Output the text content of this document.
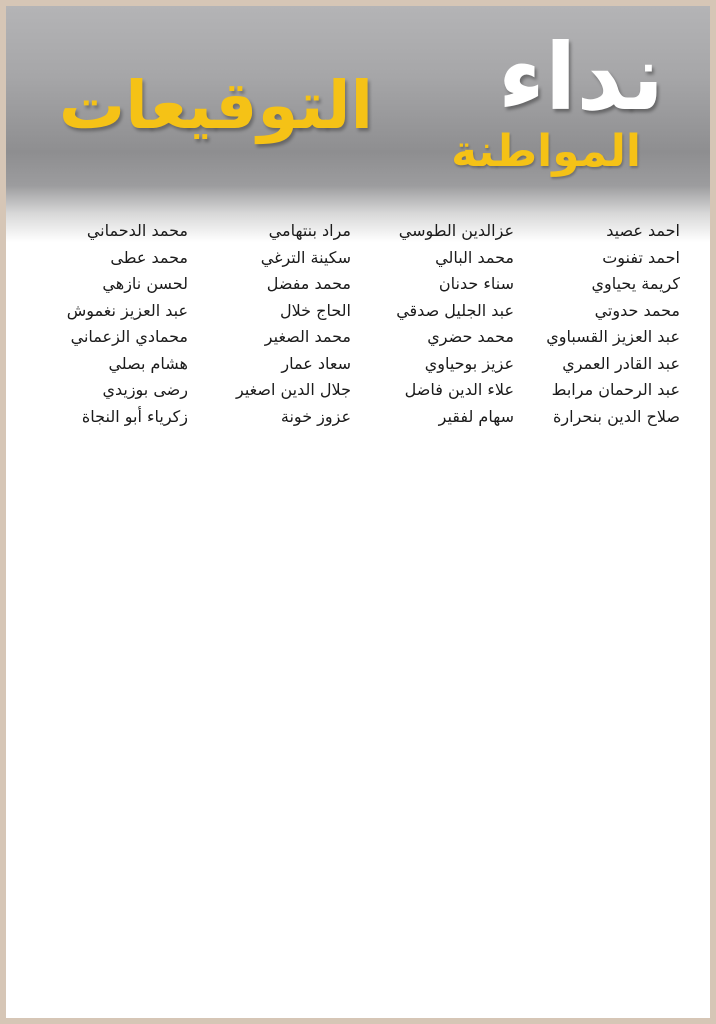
نداء
المواطنة
التوقيعات
احمد عصيد
احمد تفنوت
كريمة يحياوي
محمد حدوتي
عبد العزيز القسباوي
عبد القادر العمري
عبد الرحمان مرابط
صلاح الدين بنحرارة
عزالدين الطوسي
محمد البالي
سناء حدنان
عبد الجليل صدقي
محمد حضري
عزيز بوحياوي
علاء الدين فاضل
سهام لفقير
مراد بنتهامي
سكينة الترغي
محمد مفضل
الحاج خلال
محمد الصغير
سعاد عمار
جلال الدين اصغير
عزوز خونة
محمد الدحماني
محمد عطى
لحسن نازهي
عبد العزيز نغموش
محمادي الزعماني
هشام بصلي
رضى بوزيدي
زكرياء أبو النجاة
